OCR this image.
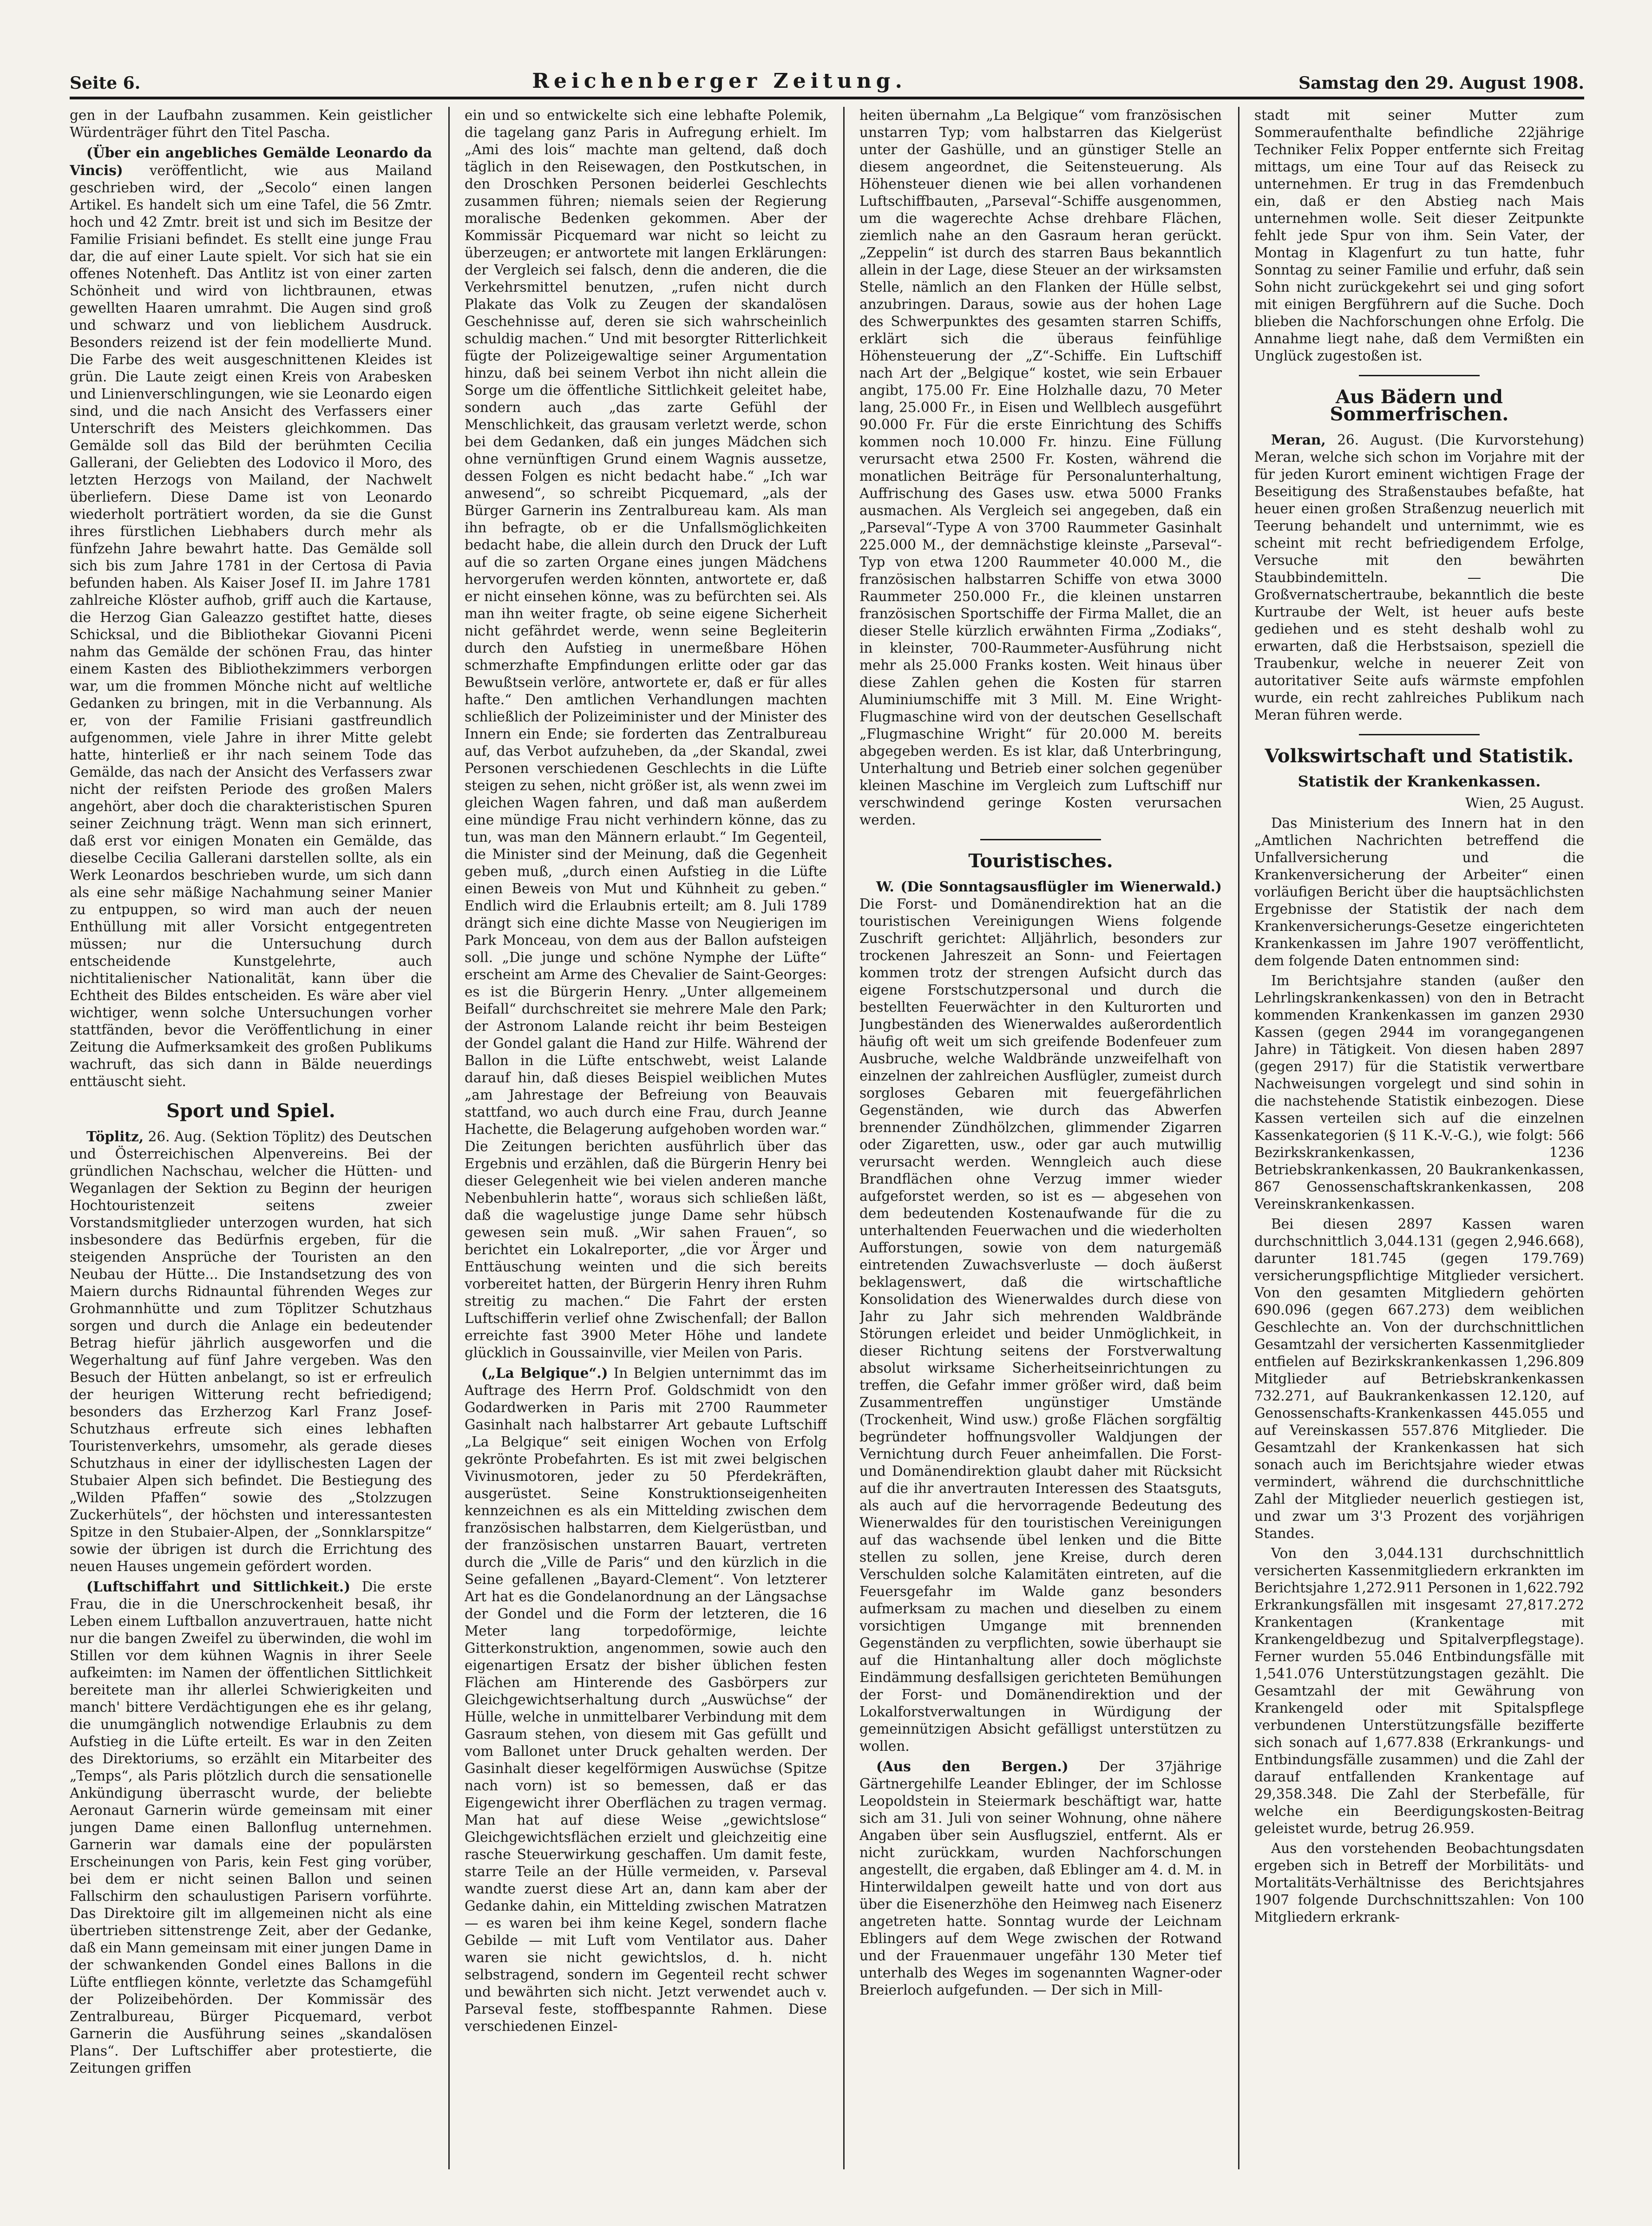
Seite 6.	Reichenberger Zeitung.	Samstag den 29. August 1908.

gen in der Laufbahn zusammen. Kein geistlicher Würdenträger führt den Titel Pascha.

(Über ein angebliches Gemälde Leonardo da Vincis) veröffentlicht, wie aus Mailand geschrieben wird, der „Secolo“ einen langen Artikel. Es handelt sich um eine Tafel, die 56 Zmtr. hoch und 42 Zmtr. breit ist und sich im Besitze der Familie Frisiani befindet. Es stellt eine junge Frau dar, die auf einer Laute spielt. Vor sich hat sie ein offenes Notenheft. Das Antlitz ist von einer zarten Schönheit und wird von lichtbraunen, etwas gewellten Haaren umrahmt. Die Augen sind groß und schwarz und von lieblichem Ausdruck. Besonders reizend ist der fein modellierte Mund. Die Farbe des weit ausgeschnittenen Kleides ist grün. Die Laute zeigt einen Kreis von Arabesken und Linienverschlingungen, wie sie Leonardo eigen sind, und die nach Ansicht des Verfassers einer Unterschrift des Meisters gleichkommen. Das Gemälde soll das Bild der berühmten Cecilia Gallerani, der Geliebten des Lodovico il Moro, des letzten Herzogs von Mailand, der Nachwelt überliefern. Diese Dame ist von Leonardo wiederholt porträtiert worden, da sie die Gunst ihres fürstlichen Liebhabers durch mehr als fünfzehn Jahre bewahrt hatte. Das Gemälde soll sich bis zum Jahre 1781 in der Certosa di Pavia befunden haben. Als Kaiser Josef II. im Jahre 1781 zahlreiche Klöster aufhob, griff auch die Kartause, die Herzog Gian Galeazzo gestiftet hatte, dieses Schicksal, und die Bibliothekar Giovanni Piceni nahm das Gemälde der schönen Frau, das hinter einem Kasten des Bibliothekzimmers verborgen war, um die frommen Mönche nicht auf weltliche Gedanken zu bringen, mit in die Verbannung. Als er, von der Familie Frisiani gastfreundlich aufgenommen, viele Jahre in ihrer Mitte gelebt hatte, hinterließ er ihr nach seinem Tode das Gemälde, das nach der Ansicht des Verfassers zwar nicht der reifsten Periode des großen Malers angehört, aber doch die charakteristischen Spuren seiner Zeichnung trägt. Wenn man sich erinnert, daß erst vor einigen Monaten ein Gemälde, das dieselbe Cecilia Gallerani darstellen sollte, als ein Werk Leonardos beschrieben wurde, um sich dann als eine sehr mäßige Nachahmung seiner Manier zu entpuppen, so wird man auch der neuen Enthüllung mit aller Vorsicht entgegentreten müssen; nur die Untersuchung durch entscheidende Kunstgelehrte, auch nichtitalienischer Nationalität, kann über die Echtheit des Bildes entscheiden. Es wäre aber viel wichtiger, wenn solche Untersuchungen vorher stattfänden, bevor die Veröffentlichung in einer Zeitung die Aufmerksamkeit des großen Publikums wachruft, das sich dann in Bälde neuerdings enttäuscht sieht.

Sport und Spiel.

Töplitz, 26. Aug. (Sektion Töplitz) des Deutschen und Österreichischen Alpenvereins. Bei der gründlichen Nachschau, welcher die Hütten- und Weganlagen der Sektion zu Beginn der heurigen Hochtouristenzeit seitens zweier Vorstandsmitglieder unterzogen wurden, hat sich insbesondere das Bedürfnis ergeben, für die steigenden Ansprüche der Touristen an den Neubau der Hütte... Die Instandsetzung des von Maiern durchs Ridnauntal führenden Weges zur Grohmannhütte und zum Töplitzer Schutzhaus sorgen und durch die Anlage ein bedeutender Betrag hiefür jährlich ausgeworfen und die Wegerhaltung auf fünf Jahre vergeben. Was den Besuch der Hütten anbelangt, so ist er erfreulich der heurigen Witterung recht befriedigend; besonders das Erzherzog Karl Franz Josef-Schutzhaus erfreute sich eines lebhaften Touristenverkehrs, umsomehr, als gerade dieses Schutzhaus in einer der idyllischesten Lagen der Stubaier Alpen sich befindet. Die Bestiegung des „Wilden Pfaffen“ sowie des „Stolzzugen Zuckerhütels“, der höchsten und interessantesten Spitze in den Stubaier-Alpen, der „Sonnklarspitze“ sowie der übrigen ist durch die Errichtung des neuen Hauses ungemein gefördert worden.

(Luftschiffahrt und Sittlichkeit.) Die erste Frau, die in die Unerschrockenheit besaß, ihr Leben einem Luftballon anzuvertrauen, hatte nicht nur die bangen Zweifel zu überwinden, die wohl im Stillen vor dem kühnen Wagnis in ihrer Seele aufkeimten: im Namen der öffentlichen Sittlichkeit bereitete man ihr allerlei Schwierigkeiten und manch' bittere Verdächtigungen ehe es ihr gelang, die unumgänglich notwendige Erlaubnis zu dem Aufstieg in die Lüfte erteilt. Es war in den Zeiten des Direktoriums, so erzählt ein Mitarbeiter des „Temps“, als Paris plötzlich durch die sensationelle Ankündigung überrascht wurde, der beliebte Aeronaut Garnerin würde gemeinsam mit einer jungen Dame einen Ballonflug unternehmen. Garnerin war damals eine der populärsten Erscheinungen von Paris, kein Fest ging vorüber, bei dem er nicht seinen Ballon und seinen Fallschirm den schaulustigen Parisern vorführte. Das Direktoire gilt im allgemeinen nicht als eine übertrieben sittenstrenge Zeit, aber der Gedanke, daß ein Mann gemeinsam mit einer jungen Dame in der schwankenden Gondel eines Ballons in die Lüfte entfliegen könnte, verletzte das Schamgefühl der Polizeibehörden. Der Kommissär des Zentralbureau, Bürger Picquemard, verbot Garnerin die Ausführung seines „skandalösen Plans“. Der Luftschiffer aber protestierte, die Zeitungen griffen

ein und so entwickelte sich eine lebhafte Polemik, die tagelang ganz Paris in Aufregung erhielt. Im „Ami des lois“ machte man geltend, daß doch täglich in den Reisewagen, den Postkutschen, in den Droschken Personen beiderlei Geschlechts zusammen führen; niemals seien der Regierung moralische Bedenken gekommen. Aber der Kommissär Picquemard war nicht so leicht zu überzeugen; er antwortete mit langen Erklärungen: der Vergleich sei falsch, denn die anderen, die die Verkehrsmittel benutzen, „rufen nicht durch Plakate das Volk zu Zeugen der skandalösen Geschehnisse auf, deren sie sich wahrscheinlich schuldig machen.“ Und mit besorgter Ritterlichkeit fügte der Polizeigewaltige seiner Argumentation hinzu, daß bei seinem Verbot ihn nicht allein die Sorge um die öffentliche Sittlichkeit geleitet habe, sondern auch „das zarte Gefühl der Menschlichkeit, das grausam verletzt werde, schon bei dem Gedanken, daß ein junges Mädchen sich ohne vernünftigen Grund einem Wagnis aussetze, dessen Folgen es nicht bedacht habe.“ „Ich war anwesend“, so schreibt Picquemard, „als der Bürger Garnerin ins Zentralbureau kam. Als man ihn befragte, ob er die Unfallsmöglichkeiten bedacht habe, die allein durch den Druck der Luft auf die so zarten Organe eines jungen Mädchens hervorgerufen werden könnten, antwortete er, daß er nicht einsehen könne, was zu befürchten sei. Als man ihn weiter fragte, ob seine eigene Sicherheit nicht gefährdet werde, wenn seine Begleiterin durch den Aufstieg in unermeßbare Höhen schmerzhafte Empfindungen erlitte oder gar das Bewußtsein verlöre, antwortete er, daß er für alles hafte.“ Den amtlichen Verhandlungen machten schließlich der Polizeiminister und der Minister des Innern ein Ende; sie forderten das Zentralbureau auf, das Verbot aufzuheben, da „der Skandal, zwei Personen verschiedenen Geschlechts in die Lüfte steigen zu sehen, nicht größer ist, als wenn zwei im gleichen Wagen fahren, und daß man außerdem eine mündige Frau nicht verhindern könne, das zu tun, was man den Männern erlaubt.“ Im Gegenteil, die Minister sind der Meinung, daß die Gegenheit geben muß, „durch einen Aufstieg in die Lüfte einen Beweis von Mut und Kühnheit zu geben.“ Endlich wird die Erlaubnis erteilt; am 8. Juli 1789 drängt sich eine dichte Masse von Neugierigen im Park Monceau, von dem aus der Ballon aufsteigen soll. „Die junge und schöne Nymphe der Lüfte“ erscheint am Arme des Chevalier de Saint-Georges: es ist die Bürgerin Henry. „Unter allgemeinem Beifall“ durchschreitet sie mehrere Male den Park; der Astronom Lalande reicht ihr beim Besteigen der Gondel galant die Hand zur Hilfe. Während der Ballon in die Lüfte entschwebt, weist Lalande darauf hin, daß dieses Beispiel weiblichen Mutes „am Jahrestage der Befreiung von Beauvais stattfand, wo auch durch eine Frau, durch Jeanne Hachette, die Belagerung aufgehoben worden war.“ Die Zeitungen berichten ausführlich über das Ergebnis und erzählen, daß die Bürgerin Henry bei dieser Gelegenheit wie bei vielen anderen manche Nebenbuhlerin hatte“, woraus sich schließen läßt, daß die wagelustige junge Dame sehr hübsch gewesen sein muß. „Wir sahen Frauen“, so berichtet ein Lokalreporter, „die vor Ärger und Enttäuschung weinten und die sich bereits vorbereitet hatten, der Bürgerin Henry ihren Ruhm streitig zu machen.“ Die Fahrt der ersten Luftschifferin verlief ohne Zwischenfall; der Ballon erreichte fast 3900 Meter Höhe und landete glücklich in Goussainville, vier Meilen von Paris.

(„La Belgique“.) In Belgien unternimmt das im Auftrage des Herrn Prof. Goldschmidt von den Godardwerken in Paris mit 2700 Raummeter Gasinhalt nach halbstarrer Art gebaute Luftschiff „La Belgique“ seit einigen Wochen von Erfolg gekrönte Probefahrten. Es ist mit zwei belgischen Vivinusmotoren, jeder zu 50 Pferdekräften, ausgerüstet. Seine Konstruktionseigenheiten kennzeichnen es als ein Mittelding zwischen dem französischen halbstarren, dem Kielgerüstban, und der französischen unstarren Bauart, vertreten durch die „Ville de Paris“ und den kürzlich in die Seine gefallenen „Bayard-Clement“. Von letzterer Art hat es die Gondelanordnung an der Längsachse der Gondel und die Form der letzteren, die 16 Meter lang torpedoförmige, leichte Gitterkonstruktion, angenommen, sowie auch den eigenartigen Ersatz der bisher üblichen festen Flächen am Hinterende des Gasbörpers zur Gleichgewichtserhaltung durch „Auswüchse“ der Hülle, welche in unmittelbarer Verbindung mit dem Gasraum stehen, von diesem mit Gas gefüllt und vom Ballonet unter Druck gehalten werden. Der Gasinhalt dieser kegelförmigen Auswüchse (Spitze nach vorn) ist so bemessen, daß er das Eigengewicht ihrer Oberflächen zu tragen vermag. Man hat auf diese Weise „gewichtslose“ Gleichgewichtsflächen erzielt und gleichzeitig eine rasche Steuerwirkung geschaffen. Um damit feste, starre Teile an der Hülle vermeiden, v. Parseval wandte zuerst diese Art an, dann kam aber der Gedanke dahin, ein Mittelding zwischen Matratzen — es waren bei ihm keine Kegel, sondern flache Gebilde — mit Luft vom Ventilator aus. Daher waren sie nicht gewichtslos, d. h. nicht selbstragend, sondern im Gegenteil recht schwer und bewährten sich nicht. Jetzt verwendet auch v. Parseval feste, stoffbespannte Rahmen. Diese verschiedenen Einzel-

heiten übernahm „La Belgique“ vom französischen unstarren Typ; vom halbstarren das Kielgerüst unter der Gashülle, und an günstiger Stelle an diesem angeordnet, die Seitensteuerung. Als Höhensteuer dienen wie bei allen vorhandenen Luftschiffbauten, „Parseval“-Schiffe ausgenommen, um die wagerechte Achse drehbare Flächen, ziemlich nahe an den Gasraum heran gerückt. „Zeppelin“ ist durch des starren Baus bekanntlich allein in der Lage, diese Steuer an der wirksamsten Stelle, nämlich an den Flanken der Hülle selbst, anzubringen. Daraus, sowie aus der hohen Lage des Schwerpunktes des gesamten starren Schiffs, erklärt sich die überaus feinfühlige Höhensteuerung der „Z“-Schiffe. Ein Luftschiff nach Art der „Belgique“ kostet, wie sein Erbauer angibt, 175.00 Fr. Eine Holzhalle dazu, 70 Meter lang, 25.000 Fr., in Eisen und Wellblech ausgeführt 90.000 Fr. Für die erste Einrichtung des Schiffs kommen noch 10.000 Fr. hinzu. Eine Füllung verursacht etwa 2500 Fr. Kosten, während die monatlichen Beiträge für Personalunterhaltung, Auffrischung des Gases usw. etwa 5000 Franks ausmachen. Als Vergleich sei angegeben, daß ein „Parseval“-Type A von 3700 Raummeter Gasinhalt 225.000 M., der demnächstige kleinste „Parseval“-Typ von etwa 1200 Raummeter 40.000 M., die französischen halbstarren Schiffe von etwa 3000 Raummeter 250.000 Fr., die kleinen unstarren französischen Sportschiffe der Firma Mallet, die an dieser Stelle kürzlich erwähnten Firma „Zodiaks“, in kleinster, 700-Raummeter-Ausführung nicht mehr als 25.000 Franks kosten. Weit hinaus über diese Zahlen gehen die Kosten für starren Aluminiumschiffe mit 3 Mill. M. Eine Wright-Flugmaschine wird von der deutschen Gesellschaft „Flugmaschine Wright“ für 20.000 M. bereits abgegeben werden. Es ist klar, daß Unterbringung, Unterhaltung und Betrieb einer solchen gegenüber kleinen Maschine im Vergleich zum Luftschiff nur verschwindend geringe Kosten verursachen werden.

Touristisches.

W. (Die Sonntagsausflügler im Wienerwald.) Die Forst- und Domänendirektion hat an die touristischen Vereinigungen Wiens folgende Zuschrift gerichtet: Alljährlich, besonders zur trockenen Jahreszeit an Sonn- und Feiertagen kommen trotz der strengen Aufsicht durch das eigene Forstschutzpersonal und durch die bestellten Feuerwächter in den Kulturorten und Jungbeständen des Wienerwaldes außerordentlich häufig oft weit um sich greifende Bodenfeuer zum Ausbruche, welche Waldbrände unzweifelhaft von einzelnen der zahlreichen Ausflügler, zumeist durch sorgloses Gebaren mit feuergefährlichen Gegenständen, wie durch das Abwerfen brennender Zündhölzchen, glimmender Zigarren oder Zigaretten, usw., oder gar auch mutwillig verursacht werden. Wenngleich auch diese Brandflächen ohne Verzug immer wieder aufgeforstet werden, so ist es — abgesehen von dem bedeutenden Kostenaufwande für die zu unterhaltenden Feuerwachen und die wiederholten Aufforstungen, sowie von dem naturgemäß eintretenden Zuwachsverluste — doch äußerst beklagenswert, daß die wirtschaftliche Konsolidation des Wienerwaldes durch diese von Jahr zu Jahr sich mehrenden Waldbrände Störungen erleidet und beider Unmöglichkeit, in dieser Richtung seitens der Forstverwaltung absolut wirksame Sicherheitseinrichtungen zu treffen, die Gefahr immer größer wird, daß beim Zusammentreffen ungünstiger Umstände (Trockenheit, Wind usw.) große Flächen sorgfältig begründeter hoffnungsvoller Waldjungen der Vernichtung durch Feuer anheimfallen. Die Forst- und Domänendirektion glaubt daher mit Rücksicht auf die ihr anvertrauten Interessen des Staatsguts, als auch auf die hervorragende Bedeutung des Wienerwaldes für den touristischen Vereinigungen auf das wachsende übel lenken und die Bitte stellen zu sollen, jene Kreise, durch deren Verschulden solche Kalamitäten eintreten, auf die Feuersgefahr im Walde ganz besonders aufmerksam zu machen und dieselben zu einem vorsichtigen Umgange mit brennenden Gegenständen zu verpflichten, sowie überhaupt sie auf die Hintanhaltung aller doch möglichste Eindämmung desfallsigen gerichteten Bemühungen der Forst- und Domänendirektion und der Lokalforstverwaltungen in Würdigung der gemeinnützigen Absicht gefälligst unterstützen zu wollen.

(Aus den Bergen.) Der 37jährige Gärtnergehilfe Leander Eblinger, der im Schlosse Leopoldstein in Steiermark beschäftigt war, hatte sich am 31. Juli von seiner Wohnung, ohne nähere Angaben über sein Ausflugsziel, entfernt. Als er nicht zurückkam, wurden Nachforschungen angestellt, die ergaben, daß Eblinger am 4. d. M. in Hinterwildalpen geweilt hatte und von dort aus über die Eisenerzhöhe den Heimweg nach Eisenerz angetreten hatte. Sonntag wurde der Leichnam Eblingers auf dem Wege zwischen der Rotwand und der Frauenmauer ungefähr 130 Meter tief unterhalb des Weges im sogenannten Wagner-oder Breierloch aufgefunden. — Der sich in Mill-

stadt mit seiner Mutter zum Sommeraufenthalte befindliche 22jährige Techniker Felix Popper entfernte sich Freitag mittags, um eine Tour auf das Reiseck zu unternehmen. Er trug in das Fremdenbuch ein, daß er den Abstieg nach Mais unternehmen wolle. Seit dieser Zeitpunkte fehlt jede Spur von ihm. Sein Vater, der Montag in Klagenfurt zu tun hatte, fuhr Sonntag zu seiner Familie und erfuhr, daß sein Sohn nicht zurückgekehrt sei und ging sofort mit einigen Bergführern auf die Suche. Doch blieben die Nachforschungen ohne Erfolg. Die Annahme liegt nahe, daß dem Vermißten ein Unglück zugestoßen ist.

Aus Bädern und Sommerfrischen.

Meran, 26. August. (Die Kurvorstehung) Meran, welche sich schon im Vorjahre mit der für jeden Kurort eminent wichtigen Frage der Beseitigung des Straßenstaubes befaßte, hat heuer einen großen Straßenzug neuerlich mit Teerung behandelt und unternimmt, wie es scheint mit recht befriedigendem Erfolge, Versuche mit den bewährten Staubbindemitteln. — Die Großvernatschertraube, bekanntlich die beste Kurtraube der Welt, ist heuer aufs beste gediehen und es steht deshalb wohl zu erwarten, daß die Herbstsaison, speziell die Traubenkur, welche in neuerer Zeit von autoritativer Seite aufs wärmste empfohlen wurde, ein recht zahlreiches Publikum nach Meran führen werde.

Volkswirtschaft und Statistik.
Statistik der Krankenkassen.

Wien, 25 August.

Das Ministerium des Innern hat in den „Amtlichen Nachrichten betreffend die Unfallversicherung und die Krankenversicherung der Arbeiter“ einen vorläufigen Bericht über die hauptsächlichsten Ergebnisse der Statistik der nach dem Krankenversicherungs-Gesetze eingerichteten Krankenkassen im Jahre 1907 veröffentlicht, dem folgende Daten entnommen sind:

Im Berichtsjahre standen (außer den Lehrlingskrankenkassen) von den in Betracht kommenden Krankenkassen im ganzen 2930 Kassen (gegen 2944 im vorangegangenen Jahre) in Tätigkeit. Von diesen haben 2897 (gegen 2917) für die Statistik verwertbare Nachweisungen vorgelegt und sind sohin in die nachstehende Statistik einbezogen. Diese Kassen verteilen sich auf die einzelnen Kassenkategorien (§ 11 K.-V.-G.), wie folgt: 566 Bezirkskrankenkassen, 1236 Betriebskrankenkassen, 20 Baukrankenkassen, 867 Genossenschaftskrankenkassen, 208 Vereinskrankenkassen.

Bei diesen 2897 Kassen waren durchschnittlich 3,044.131 (gegen 2,946.668), darunter 181.745 (gegen 179.769) versicherungspflichtige Mitglieder versichert. Von den gesamten Mitgliedern gehörten 690.096 (gegen 667.273) dem weiblichen Geschlechte an. Von der durchschnittlichen Gesamtzahl der versicherten Kassenmitglieder entfielen auf Bezirkskrankenkassen 1,296.809 Mitglieder auf Betriebskrankenkassen 732.271, auf Baukrankenkassen 12.120, auf Genossenschafts-Krankenkassen 445.055 und auf Vereinskassen 557.876 Mitglieder. Die Gesamtzahl der Krankenkassen hat sich sonach auch im Berichtsjahre wieder etwas vermindert, während die durchschnittliche Zahl der Mitglieder neuerlich gestiegen ist, und zwar um 3'3 Prozent des vorjährigen Standes.

Von den 3,044.131 durchschnittlich versicherten Kassenmitgliedern erkrankten im Berichtsjahre 1,272.911 Personen in 1,622.792 Erkrankungsfällen mit insgesamt 27,817.272 Krankentagen (Krankentage mit Krankengeldbezug und Spitalverpflegstage). Ferner wurden 55.046 Entbindungsfälle mit 1,541.076 Unterstützungstagen gezählt. Die Gesamtzahl der mit Gewährung von Krankengeld oder mit Spitalspflege verbundenen Unterstützungsfälle bezifferte sich sonach auf 1,677.838 (Erkrankungs- und Entbindungsfälle zusammen) und die Zahl der darauf entfallenden Krankentage auf 29,358.348. Die Zahl der Sterbefälle, für welche ein Beerdigungskosten-Beitrag geleistet wurde, betrug 26.959.

Aus den vorstehenden Beobachtungsdaten ergeben sich in Betreff der Morbilitäts- und Mortalitäts-Verhältnisse des Berichtsjahres 1907 folgende Durchschnittszahlen: Von 100 Mitgliedern erkrank-
